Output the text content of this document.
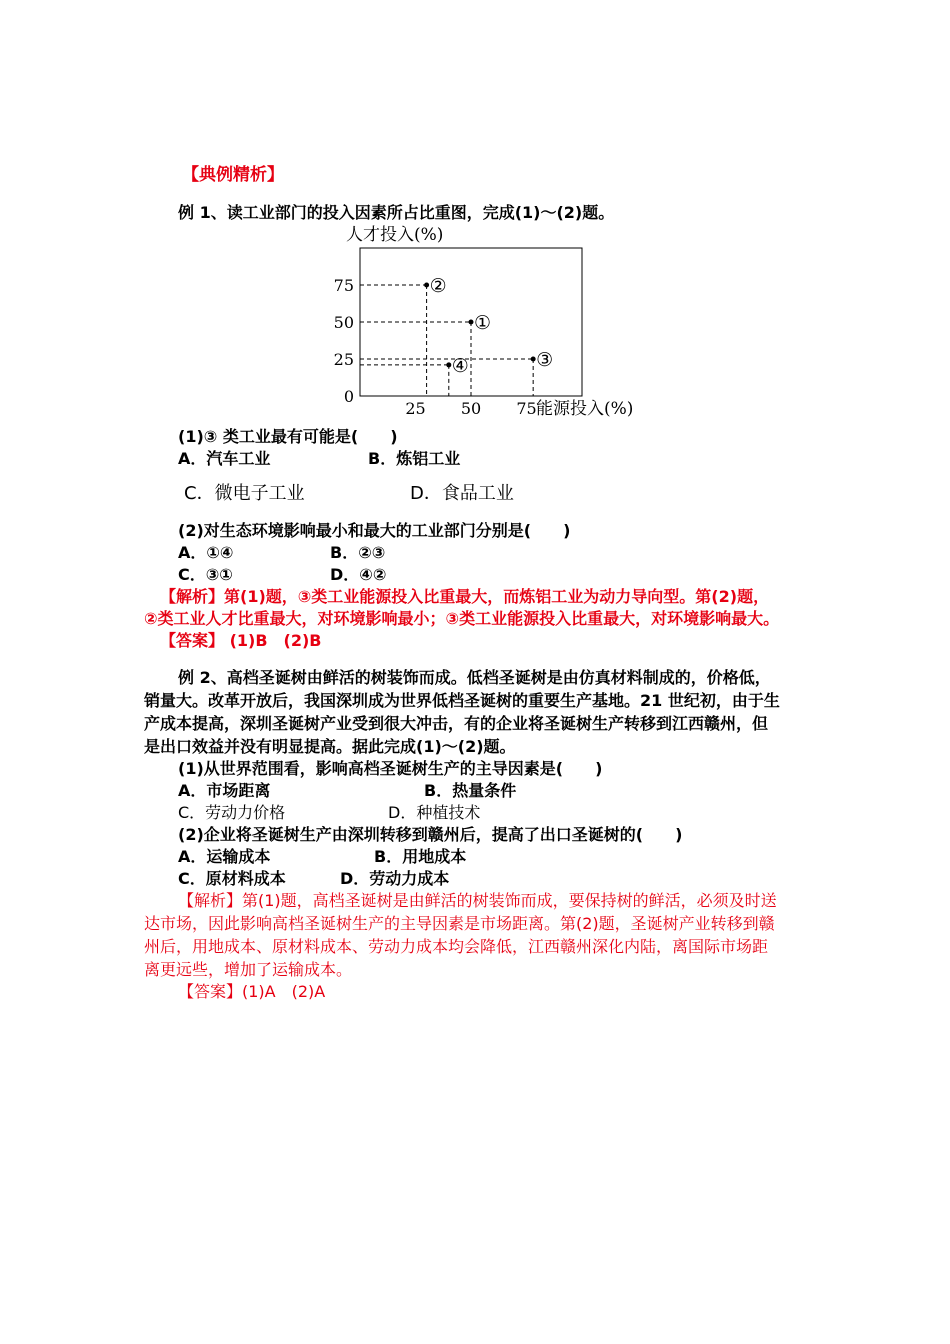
【典例精析】
例 1、读工业部门的投入因素所占比重图，完成(1)～(2)题。
人才投入(%)
75
50
25
0
25 50 75
①
②
③
④
能源投入(%)
(1)③ 类工业最有可能是(　　)
A．汽车工业	B．炼铝工业
C．微电子工业	D．食品工业
(2)对生态环境影响最小和最大的工业部门分别是(　　)
A．①④	B．②③
C．③①	D．④②
【解析】第(1)题，③类工业能源投入比重最大，而炼铝工业为动力导向型。第(2)题，
②类工业人才比重最大，对环境影响最小；③类工业能源投入比重最大，对环境影响最大。
【答案】 (1)B　(2)B
例 2、高档圣诞树由鲜活的树装饰而成。低档圣诞树是由仿真材料制成的，价格低，
销量大。改革开放后，我国深圳成为世界低档圣诞树的重要生产基地。21 世纪初，由于生
产成本提高，深圳圣诞树产业受到很大冲击，有的企业将圣诞树生产转移到江西赣州，但
是出口效益并没有明显提高。据此完成(1)～(2)题。
(1)从世界范围看，影响高档圣诞树生产的主导因素是(　　)
A．市场距离	B．热量条件
C．劳动力价格	D．种植技术
(2)企业将圣诞树生产由深圳转移到赣州后，提高了出口圣诞树的(　　)
A．运输成本	B．用地成本
C．原材料成本	D．劳动力成本
【解析】第(1)题，高档圣诞树是由鲜活的树装饰而成，要保持树的鲜活，必须及时送
达市场，因此影响高档圣诞树生产的主导因素是市场距离。第(2)题，圣诞树产业转移到赣
州后，用地成本、原材料成本、劳动力成本均会降低，江西赣州深化内陆，离国际市场距
离更远些，增加了运输成本。
【答案】(1)A　(2)A
